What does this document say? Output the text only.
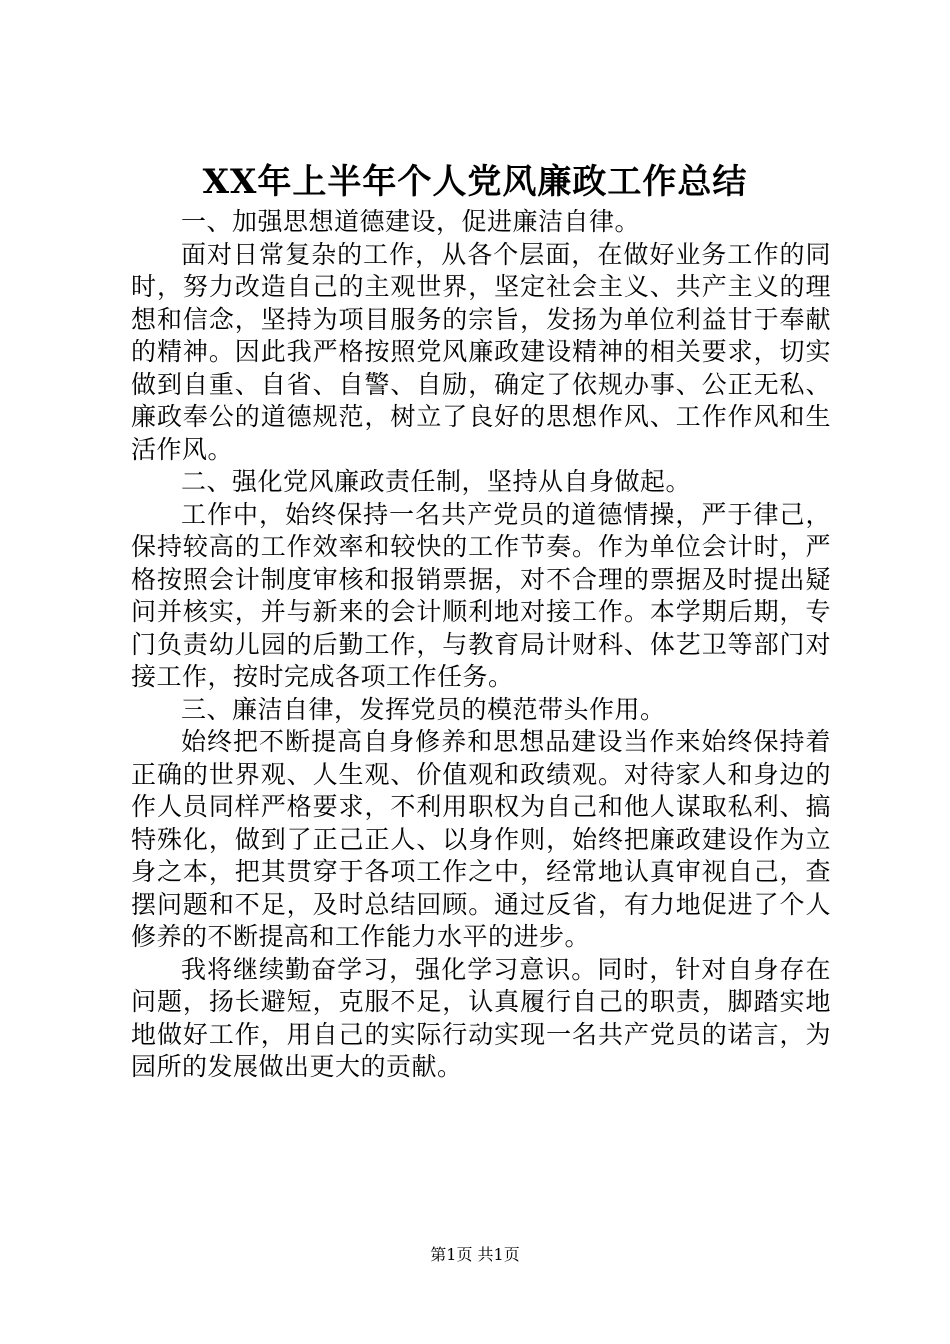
XX年上半年个人党风廉政工作总结

一、加强思想道德建设，促进廉洁自律。

面对日常复杂的工作，从各个层面，在做好业务工作的同时，努力改造自己的主观世界，坚定社会主义、共产主义的理想和信念，坚持为项目服务的宗旨，发扬为单位利益甘于奉献的精神。因此我严格按照党风廉政建设精神的相关要求，切实做到自重、自省、自警、自励，确定了依规办事、公正无私、廉政奉公的道德规范，树立了良好的思想作风、工作作风和生活作风。

二、强化党风廉政责任制，坚持从自身做起。

工作中，始终保持一名共产党员的道德情操，严于律己，保持较高的工作效率和较快的工作节奏。作为单位会计时，严格按照会计制度审核和报销票据，对不合理的票据及时提出疑问并核实，并与新来的会计顺利地对接工作。本学期后期，专门负责幼儿园的后勤工作，与教育局计财科、体艺卫等部门对接工作，按时完成各项工作任务。

三、廉洁自律，发挥党员的模范带头作用。

始终把不断提高自身修养和思想品建设当作来始终保持着正确的世界观、人生观、价值观和政绩观。对待家人和身边的作人员同样严格要求，不利用职权为自己和他人谋取私利、搞特殊化，做到了正己正人、以身作则，始终把廉政建设作为立身之本，把其贯穿于各项工作之中，经常地认真审视自己，查摆问题和不足，及时总结回顾。通过反省，有力地促进了个人修养的不断提高和工作能力水平的进步。

我将继续勤奋学习，强化学习意识。同时，针对自身存在问题，扬长避短，克服不足，认真履行自己的职责，脚踏实地地做好工作，用自己的实际行动实现一名共产党员的诺言，为园所的发展做出更大的贡献。

第1页 共1页
